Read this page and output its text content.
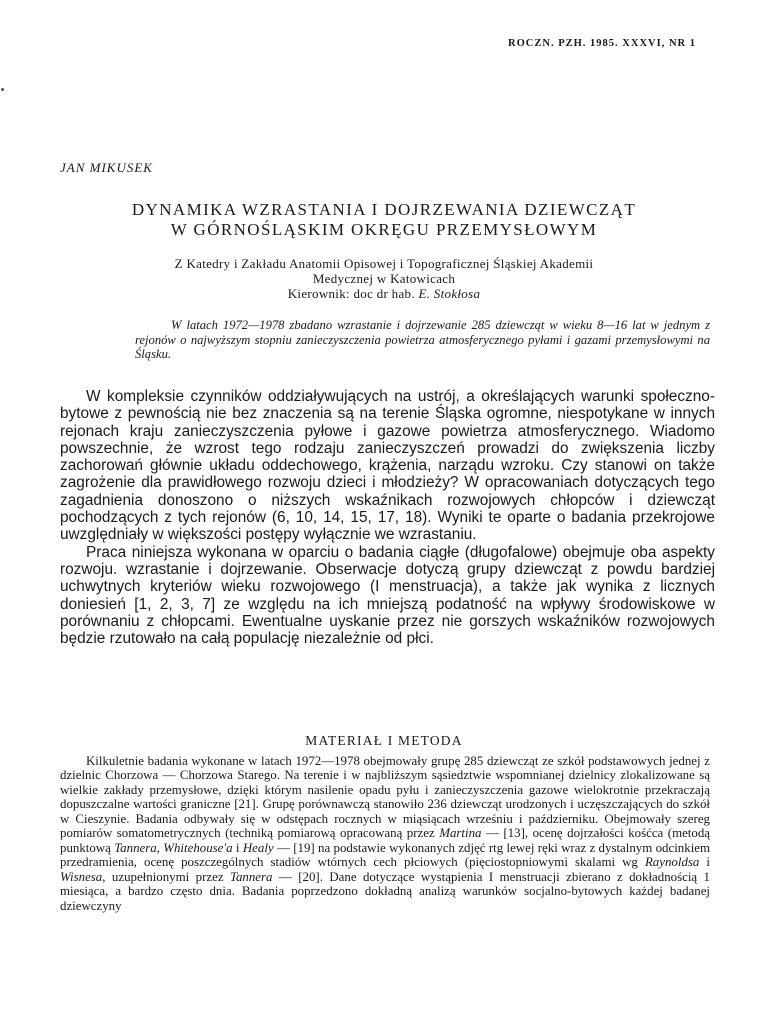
ROCZN. PZH. 1985. XXXVI, NR 1
JAN MIKUSEK
DYNAMIKA WZRASTANIA I DOJRZEWANIA DZIEWCZĄT
W GÓRNOŚLĄSKIM OKRĘGU PRZEMYSŁOWYM
Z Katedry i Zakładu Anatomii Opisowej i Topograficznej Śląskiej Akademii
Medycznej w Katowicach
Kierownik: doc dr hab. E. Stokłosa

W latach 1972—1978 zbadano wzrastanie i dojrzewanie 285 dziewcząt w wieku 8—16 lat w jednym z rejonów o najwyższym stopniu zanieczyszczenia powietrza atmosferycznego pyłami i gazami przemysłowymi na Śląsku.

W kompleksie czynników oddziaływujących na ustrój, a określających warunki społeczno-bytowe z pewnością nie bez znaczenia są na terenie Śląska ogromne, niespotykane w innych rejonach kraju zanieczyszczenia pyłowe i gazowe powietrza atmosferycznego. Wiadomo powszechnie, że wzrost tego rodzaju zanieczyszczeń prowadzi do zwiększenia liczby zachorowań głównie układu oddechowego, krążenia, narządu wzroku. Czy stanowi on także zagrożenie dla prawidłowego rozwoju dzieci i młodzieży? W opracowaniach dotyczących tego zagadnienia donoszono o niższych wskaźnikach rozwojowych chłopców i dziewcząt pochodzących z tych rejonów (6, 10, 14, 15, 17, 18). Wyniki te oparte o badania przekrojowe uwzględniały w większości postępy wyłącznie we wzrastaniu.

Praca niniejsza wykonana w oparciu o badania ciągłe (długofalowe) obejmuje oba aspekty rozwoju. wzrastanie i dojrzewanie. Obserwacje dotyczą grupy dziewcząt z powdu bardziej uchwytnych kryteriów wieku rozwojowego (I menstruacja), a także jak wynika z licznych doniesień [1, 2, 3, 7] ze względu na ich mniejszą podatność na wpływy środowiskowe w porównaniu z chłopcami. Ewentualne uyskanie przez nie gorszych wskaźników rozwojowych będzie rzutowało na całą populację niezależnie od płci.

MATERIAŁ I METODA

Kilkuletnie badania wykonane w latach 1972—1978 obejmowały grupę 285 dziewcząt ze szkół podstawowych jednej z dzielnic Chorzowa — Chorzowa Starego. Na terenie i w najbliższym sąsiedztwie wspomnianej dzielnicy zlokalizowane są wielkie zakłady przemysłowe, dzięki którym nasilenie opadu pyłu i zanieczyszczenia gazowe wielokrotnie przekraczają dopuszczalne wartości graniczne [21]. Grupę porównawczą stanowiło 236 dziewcząt urodzonych i uczęszczających do szkół w Cieszynie. Badania odbywały się w odstępach rocznych w miąsiącach wrześniu i październiku. Obejmowały szereg pomiarów somatometrycznych (techniką pomiarową opracowaną przez Martina — [13], ocenę dojrzałości kośćca (metodą punktową Tannera, Whitehouse'a i Healy — [19] na podstawie wykonanych zdjęć rtg lewej ręki wraz z dystalnym odcinkiem przedramienia, ocenę poszczególnych stadiów wtórnych cech płciowych (pięciostopniowymi skalami wg Raynoldsa i Wisnesa, uzupełnionymi przez Tannera — [20]. Dane dotyczące wystąpienia I menstruacji zbierano z dokładnością 1 miesiąca, a bardzo często dnia. Badania poprzedzono dokładną analizą warunków socjalno-bytowych każdej badanej dziewczyny
